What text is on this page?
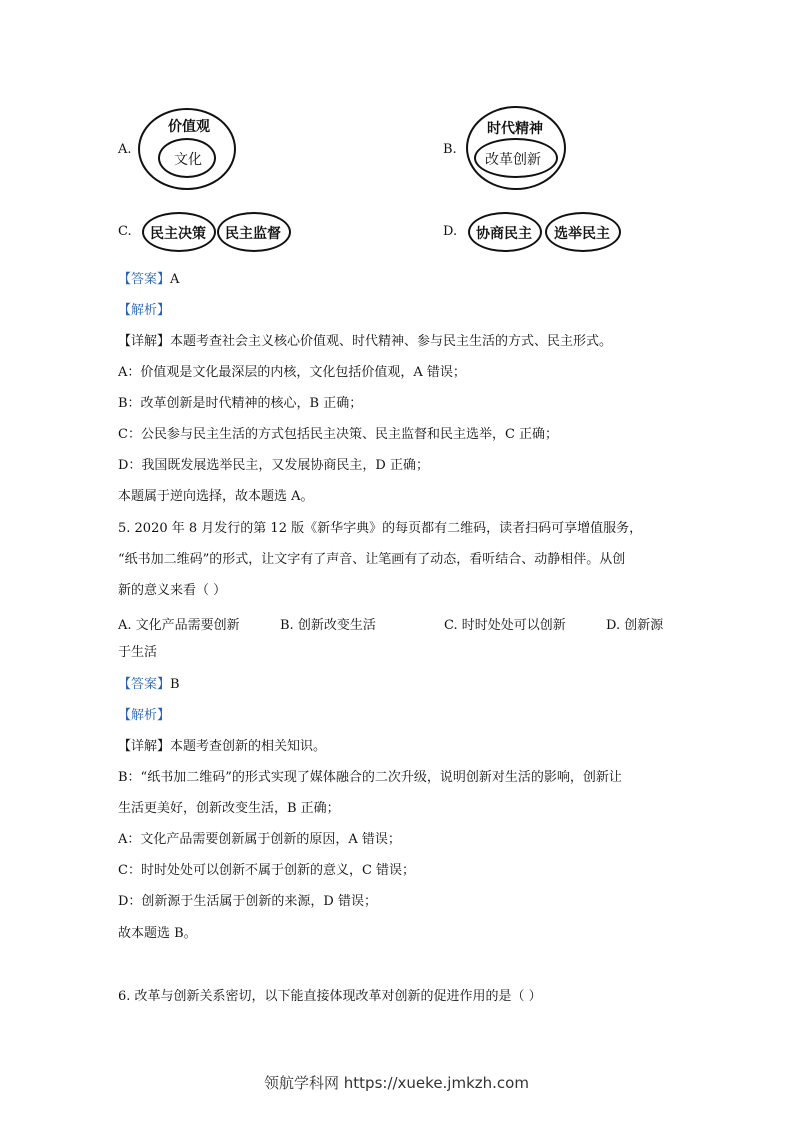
A.
价值观
文化
B.
时代精神
改革创新
C. 民主决策 民主监督	D. 协商民主 选举民主
【答案】A
【解析】
【详解】本题考查社会主义核心价值观、时代精神、参与民主生活的方式、民主形式。
A：价值观是文化最深层的内核，文化包括价值观，A 错误；
B：改革创新是时代精神的核心，B 正确；
C：公民参与民主生活的方式包括民主决策、民主监督和民主选举，C 正确；
D：我国既发展选举民主，又发展协商民主，D 正确；
本题属于逆向选择，故本题选 A。
5. 2020 年 8 月发行的第 12 版《新华字典》的每页都有二维码，读者扫码可享增值服务，
“纸书加二维码”的形式，让文字有了声音、让笔画有了动态，看听结合、动静相伴。从创
新的意义来看（ ）
A. 文化产品需要创新	B. 创新改变生活	C. 时时处处可以创新	D. 创新源
于生活
【答案】B
【解析】
【详解】本题考查创新的相关知识。
B：“纸书加二维码”的形式实现了媒体融合的二次升级，说明创新对生活的影响，创新让
生活更美好，创新改变生活，B 正确；
A：文化产品需要创新属于创新的原因，A 错误；
C：时时处处可以创新不属于创新的意义，C 错误；
D：创新源于生活属于创新的来源，D 错误；
故本题选 B。
6. 改革与创新关系密切，以下能直接体现改革对创新的促进作用的是（ ）
领航学科网 https://xueke.jmkzh.com
